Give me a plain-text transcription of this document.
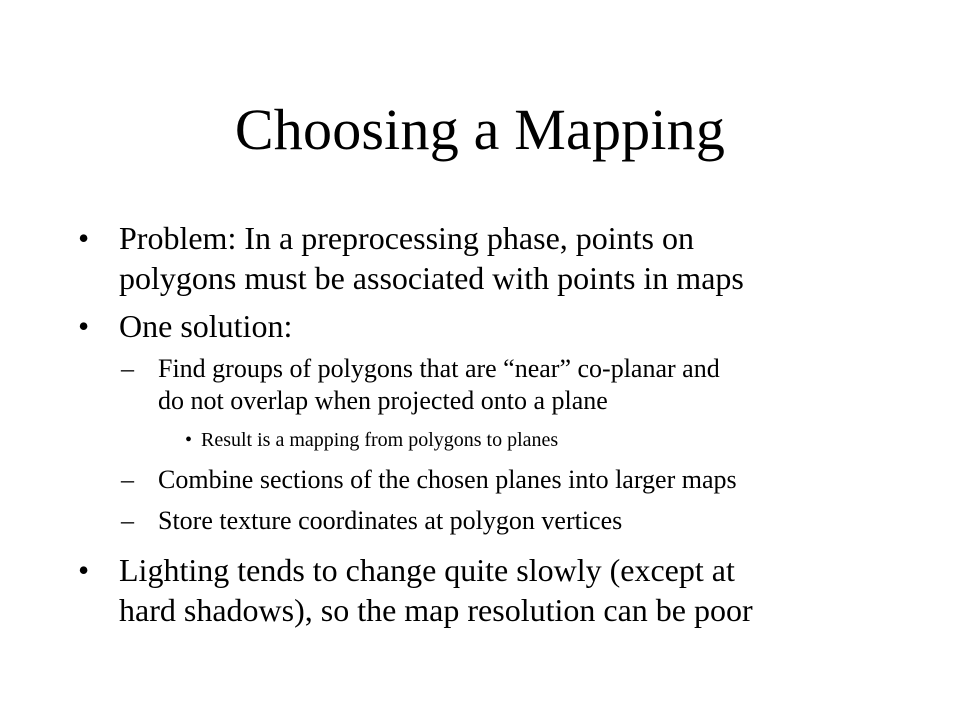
Choosing a Mapping
• Problem: In a preprocessing phase, points on
polygons must be associated with points in maps
• One solution:
– Find groups of polygons that are “near” co-planar and
do not overlap when projected onto a plane
• Result is a mapping from polygons to planes
– Combine sections of the chosen planes into larger maps
– Store texture coordinates at polygon vertices
• Lighting tends to change quite slowly (except at
hard shadows), so the map resolution can be poor
